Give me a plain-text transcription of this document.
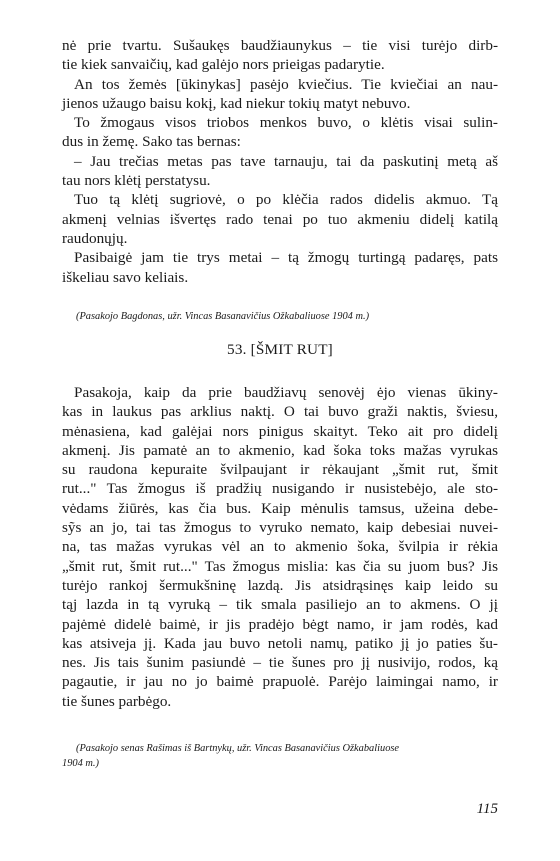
nė prie tvartu. Sušaukęs baudžiaunykus – tie visi turėjo dirb-
tie kiek sanvaičių, kad galėjo nors prieigas padarytie.
An tos žemės [ūkinykas] pasėjo kviečius. Tie kviečiai an nau-
jienos užaugo baisu kokį, kad niekur tokių matyt nebuvo.
To žmogaus visos triobos menkos buvo, o klėtis visai sulin-
dus in žemę. Sako tas bernas:
– Jau trečias metas pas tave tarnauju, tai da paskutinį metą aš
tau nors klėtį perstatysu.
Tuo tą klėtį sugriovė, o po klėčia rados didelis akmuo. Tą
akmenį velnias išvertęs rado tenai po tuo akmeniu didelį katilą
raudonųjų.
Pasibaigė jam tie trys metai – tą žmogų turtingą padaręs, pats
iškeliau savo keliais.
(Pasakojo Bagdonas, užr. Vincas Basanavičius Ožkabaliuose 1904 m.)
53. [ŠMIT RUT]
Pasakoja, kaip da prie baudžiavų senovėj ėjo vienas ūkiny-
kas in laukus pas arklius naktį. O tai buvo graži naktis, šviesu,
mėnasiena, kad galėjai nors pinigus skaityt. Teko ait pro didelį
akmenį. Jis pamatė an to akmenio, kad šoka toks mažas vyrukas
su raudona kepuraite švilpaujant ir rėkaujant „šmit rut, šmit
rut..." Tas žmogus iš pradžių nusigando ir nusistebėjo, ale sto-
vėdams žiūrės, kas čia bus. Kaip mėnulis tamsus, užeina debe-
sỹs an jo, tai tas žmogus to vyruko nemato, kaip debesiai nuvei-
na, tas mažas vyrukas vėl an to akmenio šoka, švilpia ir rėkia
„šmit rut, šmit rut..." Tas žmogus mislia: kas čia su juom bus? Jis
turėjo rankoj šermukšninę lazdą. Jis atsidrąsinęs kaip leido su
tąj lazda in tą vyruką – tik smala pasiliejo an to akmens. O jį
pajėmė didelė baimė, ir jis pradėjo bėgt namo, ir jam rodės, kad
kas atsiveja jį. Kada jau buvo netoli namų, patiko jį jo paties šu-
nes. Jis tais šunim pasiundė – tie šunes pro jį nusivijo, rodos, ką
pagautie, ir jau no jo baimė prapuolė. Parėjo laimingai namo, ir
tie šunes parbėgo.
(Pasakojo senas Rašimas iš Bartnykų, užr. Vincas Basanavičius Ožkabaliuose
1904 m.)
115
